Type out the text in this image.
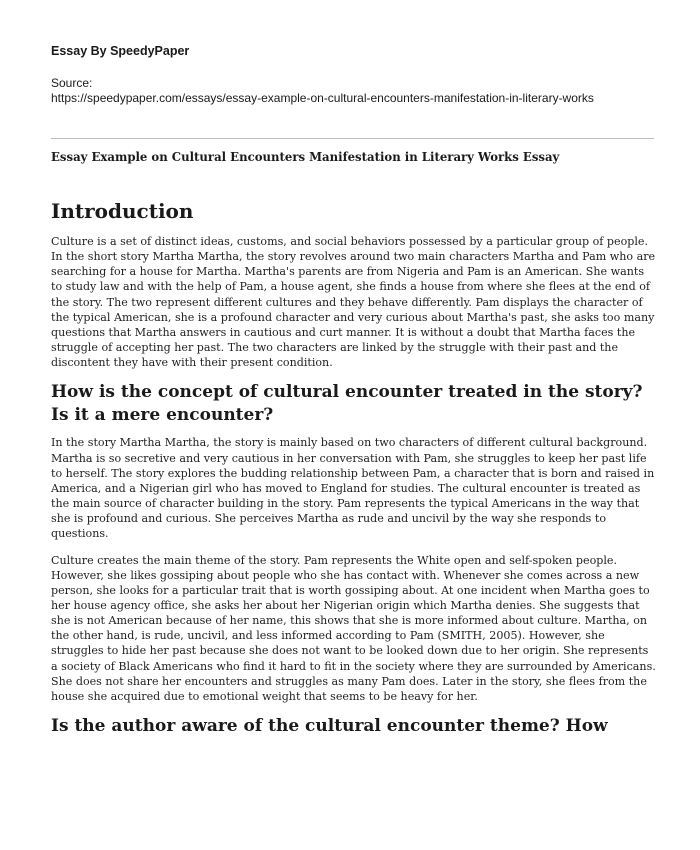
Essay By SpeedyPaper
Source:
https://speedypaper.com/essays/essay-example-on-cultural-encounters-manifestation-in-literary-works
Essay Example on Cultural Encounters Manifestation in Literary Works Essay
Introduction

Culture is a set of distinct ideas, customs, and social behaviors possessed by a particular group of people. In the short story Martha Martha, the story revolves around two main characters Martha and Pam who are searching for a house for Martha. Martha's parents are from Nigeria and Pam is an American. She wants to study law and with the help of Pam, a house agent, she finds a house from where she flees at the end of the story. The two represent different cultures and they behave differently. Pam displays the character of the typical American, she is a profound character and very curious about Martha's past, she asks too many questions that Martha answers in cautious and curt manner. It is without a doubt that Martha faces the struggle of accepting her past. The two characters are linked by the struggle with their past and the discontent they have with their present condition.

How is the concept of cultural encounter treated in the story? Is it a mere encounter?

In the story Martha Martha, the story is mainly based on two characters of different cultural background. Martha is so secretive and very cautious in her conversation with Pam, she struggles to keep her past life to herself. The story explores the budding relationship between Pam, a character that is born and raised in America, and a Nigerian girl who has moved to England for studies. The cultural encounter is treated as the main source of character building in the story. Pam represents the typical Americans in the way that she is profound and curious. She perceives Martha as rude and uncivil by the way she responds to questions.

Culture creates the main theme of the story. Pam represents the White open and self-spoken people. However, she likes gossiping about people who she has contact with. Whenever she comes across a new person, she looks for a particular trait that is worth gossiping about. At one incident when Martha goes to her house agency office, she asks her about her Nigerian origin which Martha denies. She suggests that she is not American because of her name, this shows that she is more informed about culture. Martha, on the other hand, is rude, uncivil, and less informed according to Pam (SMITH, 2005). However, she struggles to hide her past because she does not want to be looked down due to her origin. She represents a society of Black Americans who find it hard to fit in the society where they are surrounded by Americans. She does not share her encounters and struggles as many Pam does. Later in the story, she flees from the house she acquired due to emotional weight that seems to be heavy for her.

Is the author aware of the cultural encounter theme? How
